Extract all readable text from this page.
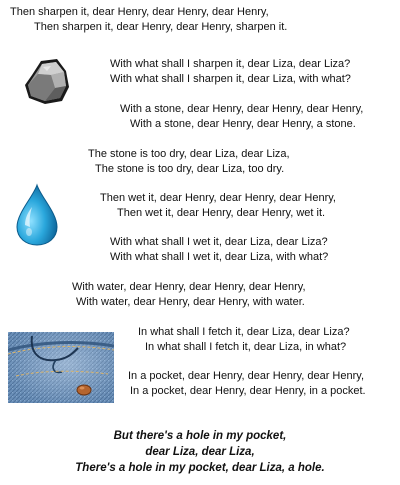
Then sharpen it, dear Henry, dear Henry, dear Henry,
Then sharpen it, dear Henry, dear Henry, sharpen it.
With what shall I sharpen it, dear Liza, dear Liza?
With what shall I sharpen it, dear Liza, with what?
With a stone, dear Henry, dear Henry, dear Henry,
With a stone, dear Henry, dear Henry, a stone.
The stone is too dry, dear Liza, dear Liza,
The stone is too dry, dear Liza, too dry.
Then wet it, dear Henry, dear Henry, dear Henry,
Then wet it, dear Henry, dear Henry, wet it.
With what shall I wet it, dear Liza, dear Liza?
With what shall I wet it, dear Liza, with what?
With water, dear Henry, dear Henry, dear Henry,
With water, dear Henry, dear Henry, with water.
In what shall I fetch it, dear Liza, dear Liza?
In what shall I fetch it, dear Liza, in what?
In a pocket, dear Henry, dear Henry, dear Henry,
In a pocket, dear Henry, dear Henry, in a pocket.
But there's a hole in my pocket,
dear Liza, dear Liza,
There's a hole in my pocket, dear Liza, a hole.
